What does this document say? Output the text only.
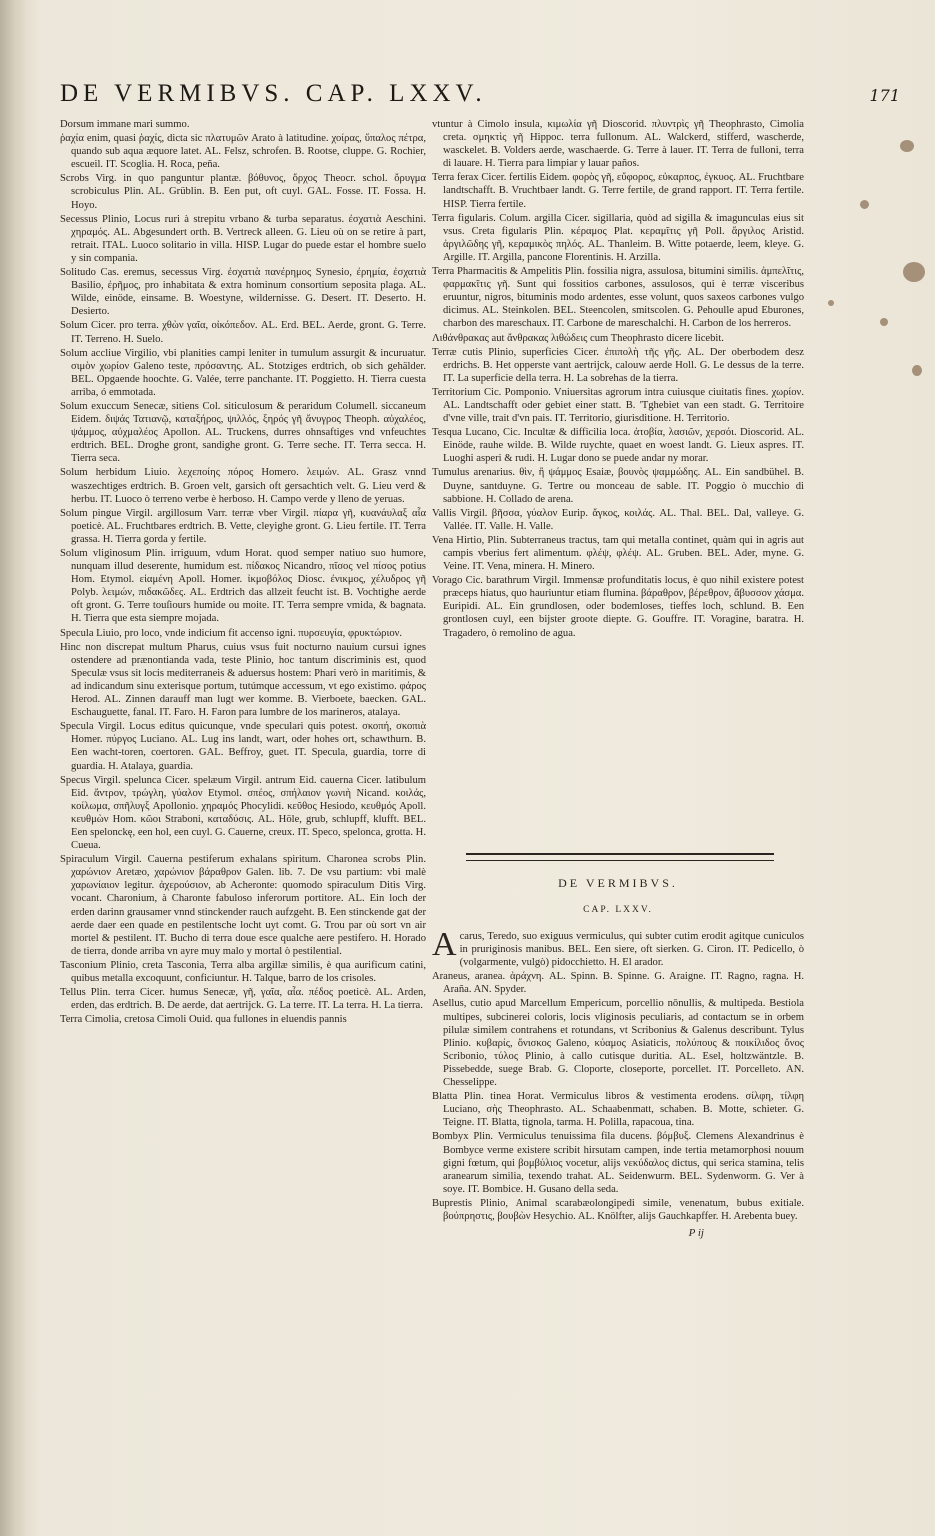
DE VERMIBVS. CAP. LXXV.	171

Dorsum immane mari summo.

ῥαχία enim, quasi ῥαχίς, dicta sic πλατυμῶν Arato à latitudine. χοίρας, ὕπαλος πέτρα, quando sub aqua æquore latet. AL. Felsz, schrofen. B. Rootse, cluppe. G. Rochier, escueil. IT. Scoglia. H. Roca, peña.

Scrobs Virg. in quo panguntur plantæ. βόθυνος, ὄρχος Theocr. schol. ὄρυγμα scrobiculus Plin. AL. Grüblin. B. Een put, oft cuyl. GAL. Fosse. IT. Fossa. H. Hoyo.

Secessus Plinio, Locus ruri à strepitu vrbano & turba separatus. ἐσχατιὰ Aeschini. χηραμός. AL. Abgesundert orth. B. Vertreck alleen. G. Lieu où on se retire à part, retrait. ITAL. Luoco solitario in villa. HISP. Lugar do puede estar el hombre suelo y sin compania.

Solitudo Cas. eremus, secessus Virg. ἐσχατιὰ πανέρημος Synesio, ἐρημία, ἐσχατιὰ Basilio, ἐρῆμος, pro inhabitata & extra hominum consortium seposita plaga. AL. Wilde, einöde, einsame. B. Woestyne, wildernisse. G. Desert. IT. Deserto. H. Desierto.

Solum Cicer. pro terra. χθὼν γαῖα, οἰκόπεδον. AL. Erd. BEL. Aerde, gront. G. Terre. IT. Terreno. H. Suelo.

Solum accliue Virgilio, vbi planities campi leniter in tumulum assurgit & incuruatur. σιμὸν χωρίον Galeno teste, πρόσαντης. AL. Stotziges erdtrich, ob sich gehälder. BEL. Opgaende hoochte. G. Valée, terre panchante. IT. Poggietto. H. Tierra cuesta arriba, ó emmotada.

Solum exuccum Senecæ, sitiens Col. siticulosum & peraridum Columell. siccaneum Eidem. διψάς Τατιανῷ, καταξήρος, ψιλλός, ξηρός γῆ ἄνυγρος Theoph. αὐχαλέος, ψάμμος, αὐχμαλέος Apollon. AL. Truckens, durres ohnsaftiges vnd vnfeuchtes erdtrich. BEL. Droghe gront, sandighe gront. G. Terre seche. IT. Terra secca. H. Tierra seca.

Solum herbidum Liuio. λεχεποίης πόρος Homero. λειμών. AL. Grasz vnnd waszechtiges erdtrich. B. Groen velt, garsich oft gersachtich velt. G. Lieu verd & herbu. IT. Luoco ò terreno verbe è herboso. H. Campo verde y lleno de yeruas.

Solum pingue Virgil. argillosum Varr. terræ vber Virgil. πίαρα γῆ, κυανάυλαξ αἷα poeticè. AL. Fruchtbares erdtrich. B. Vette, cleyighe gront. G. Lieu fertile. IT. Terra grassa. H. Tierra gorda y fertile.

Solum vliginosum Plin. irriguum, vdum Horat. quod semper natiuo suo humore, nunquam illud deserente, humidum est. πίδακος Nicandro, πῖσος vel πίσος potius Hom. Etymol. εἱαμένη Apoll. Homer. ἰκμοβόλος Diosc. ἐνικμος, χέλυδρος γῆ Polyb. λειμών, πιδακῶδες. AL. Erdtrich das allzeit feucht ist. B. Vochtighe aerde oft gront. G. Terre touſiours humide ou moite. IT. Terra sempre vmida, & bagnata. H. Tierra que esta siempre mojada.

Specula Liuio, pro loco, vnde indicium fit accenso igni. πυρσευγία, φρυκτώριον.

Hinc non discrepat multum Pharus, cuius vsus fuit nocturno nauium cursui ignes ostendere ad prænontianda vada, teste Plinio, hoc tantum discriminis est, quod Speculæ vsus sit locis mediterraneis & aduersus hostem: Phari verò in maritimis, & ad indicandum sinu exterisque portum, tutúmque accessum, vt ego existimo. φάρος Herod. AL. Zinnen darauff man lugt wer komme. B. Vierboete, baecken. GAL. Eschauguette, fanal. IT. Faro. H. Faron para lumbre de los marineros, atalaya.

Specula Virgil. Locus editus quicunque, vnde speculari quis potest. σκοπή, σκοπιὰ Homer. πύργος Luciano. AL. Lug ins landt, wart, oder hohes ort, schawthurn. B. Een wacht-toren, coertoren. GAL. Beffroy, guet. IT. Specula, guardia, torre di guardia. H. Atalaya, guardia.

Specus Virgil. spelunca Cicer. spelæum Virgil. antrum Eid. cauerna Cicer. latibulum Eid. ἄντρον, τρώγλη, γύαλον Etymol. σπέος, σπήλαιον γωνιὴ Nicand. κοιλάς, κοίλωμα, σπῆλυγξ Apollonio. χηραμός Phocylidi. κεῦθος Hesiodo, κευθμός Apoll. κευθμὼν Hom. κῶοι Straboni, καταδύσις. AL. Höle, grub, schlupff, klufft. BEL. Een spelonckę, een hol, een cuyl. G. Cauerne, creux. IT. Speco, spelonca, grotta. H. Cueua.

Spiraculum Virgil. Cauerna pestiferum exhalans spiritum. Charonea scrobs Plin. χαρώνιον Aretæo, χαρώνιον βάραθρον Galen. lib. 7. De vsu partium: vbi malè χαρωνίαιον legitur. ἀχερούσιον, ab Acheronte: quomodo spiraculum Ditis Virg. vocant. Charonium, à Charonte fabuloso inferorum portitore. AL. Ein loch der erden darinn grausamer vnnd stinckender rauch aufzgeht. B. Een stinckende gat der aerde daer een quade en pestilentsche locht uyt comt. G. Trou par où sort vn air mortel & pestilent. IT. Bucho di terra doue esce qualche aere pestifero. H. Horado de tierra, donde arriba vn ayre muy malo y mortal ò pestilential.

Tasconium Plinio, creta Tasconia, Terra alba argillæ similis, è qua aurificum catini, quibus metalla excoquunt, conficiuntur. H. Talque, barro de los crisoles.

Tellus Plin. terra Cicer. humus Senecæ, γῆ, γαῖα, αἶα. πέδος poeticè. AL. Arden, erden, das erdtrich. B. De aerde, dat aertrijck. G. La terre. IT. La terra. H. La tierra.

Terra Cimolia, cretosa Cimoli Ouid. qua fullones in eluendis pannis

vtuntur à Cimolo insula, κιμωλία γῆ Dioscorid. πλυντρὶς γῆ Theophrasto, Cimolia creta. σμηκτὶς γῆ Hippoc. terra fullonum. AL. Walckerd, stifferd, wascherde, wasckelet. B. Volders aerde, waschaerde. G. Terre à lauer. IT. Terra de fulloni, terra di lauare. H. Tierra para limpiar y lauar paños.

Terra ferax Cicer. fertilis Eidem. φορὸς γῆ, εὔφορος, εὐκαρπος, ἐγκυος. AL. Fruchtbare landtschafft. B. Vruchtbaer landt. G. Terre fertile, de grand rapport. IT. Terra fertile. HISP. Tierra fertile.

Terra figularis. Colum. argilla Cicer. sigillaria, quòd ad sigilla & imagunculas eius sit vsus. Creta figularis Plin. κέραμος Plat. κεραμῖτις γῆ Poll. ἄργιλος Aristid. ἀργιλῶδης γῆ, κεραμικὸς πηλός. AL. Thanleim. B. Witte potaerde, leem, kleye. G. Argille. IT. Argilla, pancone Florentinis. H. Arzilla.

Terra Pharmacitis & Ampelitis Plin. fossilia nigra, assulosa, bitumini similis. ἀμπελῖτις, φαρμακῖτις γῆ. Sunt qui fossitios carbones, assulosos, qui è terræ visceribus eruuntur, nigros, bituminis modo ardentes, esse volunt, quos saxeos carbones vulgo dicimus. AL. Steinkolen. BEL. Steencolen, smitscolen. G. Pehoulle apud Eburones, charbon des mareschaux. IT. Carbone de mareschalchi. H. Carbon de los herreros.

Λιθάνθρακας aut ἄνθρακας λιθώδεις cum Theophrasto dicere licebit.

Terræ cutis Plinio, superficies Cicer. ἐπιπολὴ τῆς γῆς. AL. Der oberbodem desz erdrichs. B. Het opperste vant aertrijck, calouw aerde Holl. G. Le dessus de la terre. IT. La superficie della terra. H. La sobrehas de la tierra.

Territorium Cic. Pomponio. Vniuersitas agrorum intra cuiusque ciuitatis fines. χωρίον. AL. Landtschafft oder gebiet einer statt. B. 'Tghebiet van een stadt. G. Territoire d'vne ville, trait d'vn pais. IT. Territorio, giurisditione. H. Territorio.

Tesqua Lucano, Cic. Incultæ & difficilia loca. ἀτοβία, λασιῶν, χερσόι. Dioscorid. AL. Einöde, rauhe wilde. B. Wilde ruychte, quaet en woest landt. G. Lieux aspres. IT. Luoghi asperi & rudi. H. Lugar dono se puede andar ny morar.

Tumulus arenarius. θὶν, ἢ ψάμμος Esaiæ, βουνὸς ψαμμώδης. AL. Ein sandbühel. B. Duyne, santduyne. G. Tertre ou monceau de sable. IT. Poggio ò mucchio di sabbione. H. Collado de arena.

Vallis Virgil. βῆσσα, γύαλον Eurip. ἄγκος, κοιλάς. AL. Thal. BEL. Dal, valleye. G. Vallée. IT. Valle. H. Valle.

Vena Hirtio, Plin. Subterraneus tractus, tam qui metalla continet, quàm qui in agris aut campis vberius fert alimentum. φλέψ, φλέψ. AL. Gruben. BEL. Ader, myne. G. Veine. IT. Vena, minera. H. Minero.

Vorago Cic. barathrum Virgil. Immensæ profunditatis locus, è quo nihil existere potest præceps hiatus, quo hauriuntur etiam flumina. βάραθρον, βέρεθρον, ἄβυσσον χάσμα. Euripidi. AL. Ein grundlosen, oder bodemloses, tieffes loch, schlund. B. Een grontlosen cuyl, een bijster groote diepte. G. Gouffre. IT. Voragine, baratra. H. Tragadero, ò remolino de agua.

DE VERMIBVS.
CAP. LXXV.

Acarus, Teredo, suo exiguus vermiculus, qui subter cutim erodit agitque cuniculos in pruriginosis manibus. BEL. Een siere, oft sierken. G. Ciron. IT. Pedicello, ò (volgarmente, vulgò) pidocchietto. H. El arador.

Araneus, aranea. ἀράχνη. AL. Spinn. B. Spinne. G. Araigne. IT. Ragno, ragna. H. Araña. AN. Spyder.

Asellus, cutio apud Marcellum Empericum, porcellio nōnullis, & multipeda. Bestiola multipes, subcinerei coloris, locis vliginosis peculiaris, ad contactum se in orbem pilulæ similem contrahens et rotundans, vt Scribonius & Galenus describunt. Tylus Plinio. κυβαρίς, ὄνισκος Galeno, κύαμος Asiaticis, πολύπους & ποικίλιδος ὄνος Scribonio, τύλος Plinio, à callo cutisque duritia. AL. Esel, holtzwäntzle. B. Pissebedde, suege Brab. G. Cloporte, closeporte, porcellet. IT. Porcelleto. AN. Chesselippe.

Blatta Plin. tinea Horat. Vermiculus libros & vestimenta erodens. σίλφη, τίλφη Luciano, σὴς Theophrasto. AL. Schaabenmatt, schaben. B. Motte, schieter. G. Teigne. IT. Blatta, tignola, tarma. H. Polilla, rapacoua, tina.

Bombyx Plin. Vermiculus tenuissima fila ducens. βόμβυξ. Clemens Alexandrinus è Bombyce verme existere scribit hirsutam campen, inde tertia metamorphosi nouum gigni fœtum, qui βομβύλιος vocetur, alijs νεκύδαλος dictus, qui serica stamina, telis aranearum similia, texendo trahat. AL. Seidenwurm. BEL. Sydenworm. G. Ver à soye. IT. Bombice. H. Gusano della seda.

Buprestis Plinio, Animal scarabæolongipedi simile, venenatum, bubus exitiale. βούπρηστις, βουβὼν Hesychio. AL. Knölfter, alijs Gauchkapffer. H. Arebenta buey.

P ij
